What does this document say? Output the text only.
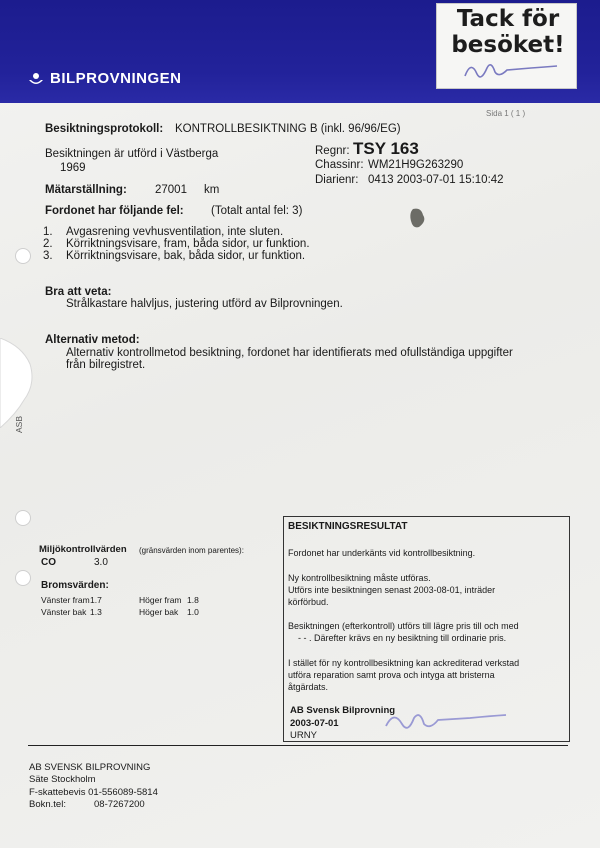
BILPROVNINGEN
Tack för
besöket!
Sida 1 ( 1 )
Besiktningsprotokoll: KONTROLLBESIKTNING B (inkl. 96/96/EG)
Besiktningen är utförd i Västberga
1969
Regnr: TSY 163
Chassinr: WM21H9G263290
Diarienr: 0413 2003-07-01 15:10:42
Mätarställning: 27001 km
Fordonet har följande fel: (Totalt antal fel: 3)
1. Avgasrening vevhusventilation, inte sluten.
2. Körriktningsvisare, fram, båda sidor, ur funktion.
3. Körriktningsvisare, bak, båda sidor, ur funktion.
Bra att veta:
Strålkastare halvljus, justering utförd av Bilprovningen.
Alternativ metod:
Alternativ kontrollmetod besiktning, fordonet har identifierats med ofullständiga uppgifter
från bilregistret.
ASB
Miljökontrollvärden (gränsvärden inom parentes):
CO	3.0
Bromsvärden:
Vänster fram 1.7	Höger fram 1.8
Vänster bak 1.3	Höger bak 1.0
BESIKTNINGSRESULTAT
Fordonet har underkänts vid kontrollbesiktning.
Ny kontrollbesiktning måste utföras.
Utförs inte besiktningen senast 2003-08-01, inträder
körförbud.
Besiktningen (efterkontroll) utförs till lägre pris till och med
- - . Därefter krävs en ny besiktning till ordinarie pris.
I stället för ny kontrollbesiktning kan ackrediterad verkstad
utföra reparation samt prova och intyga att bristerna
åtgärdats.
AB Svensk Bilprovning
2003-07-01
URNY
AB SVENSK BILPROVNING
Säte Stockholm
F-skattebevis 01-556089-5814
Bokn.tel:	08-7267200
